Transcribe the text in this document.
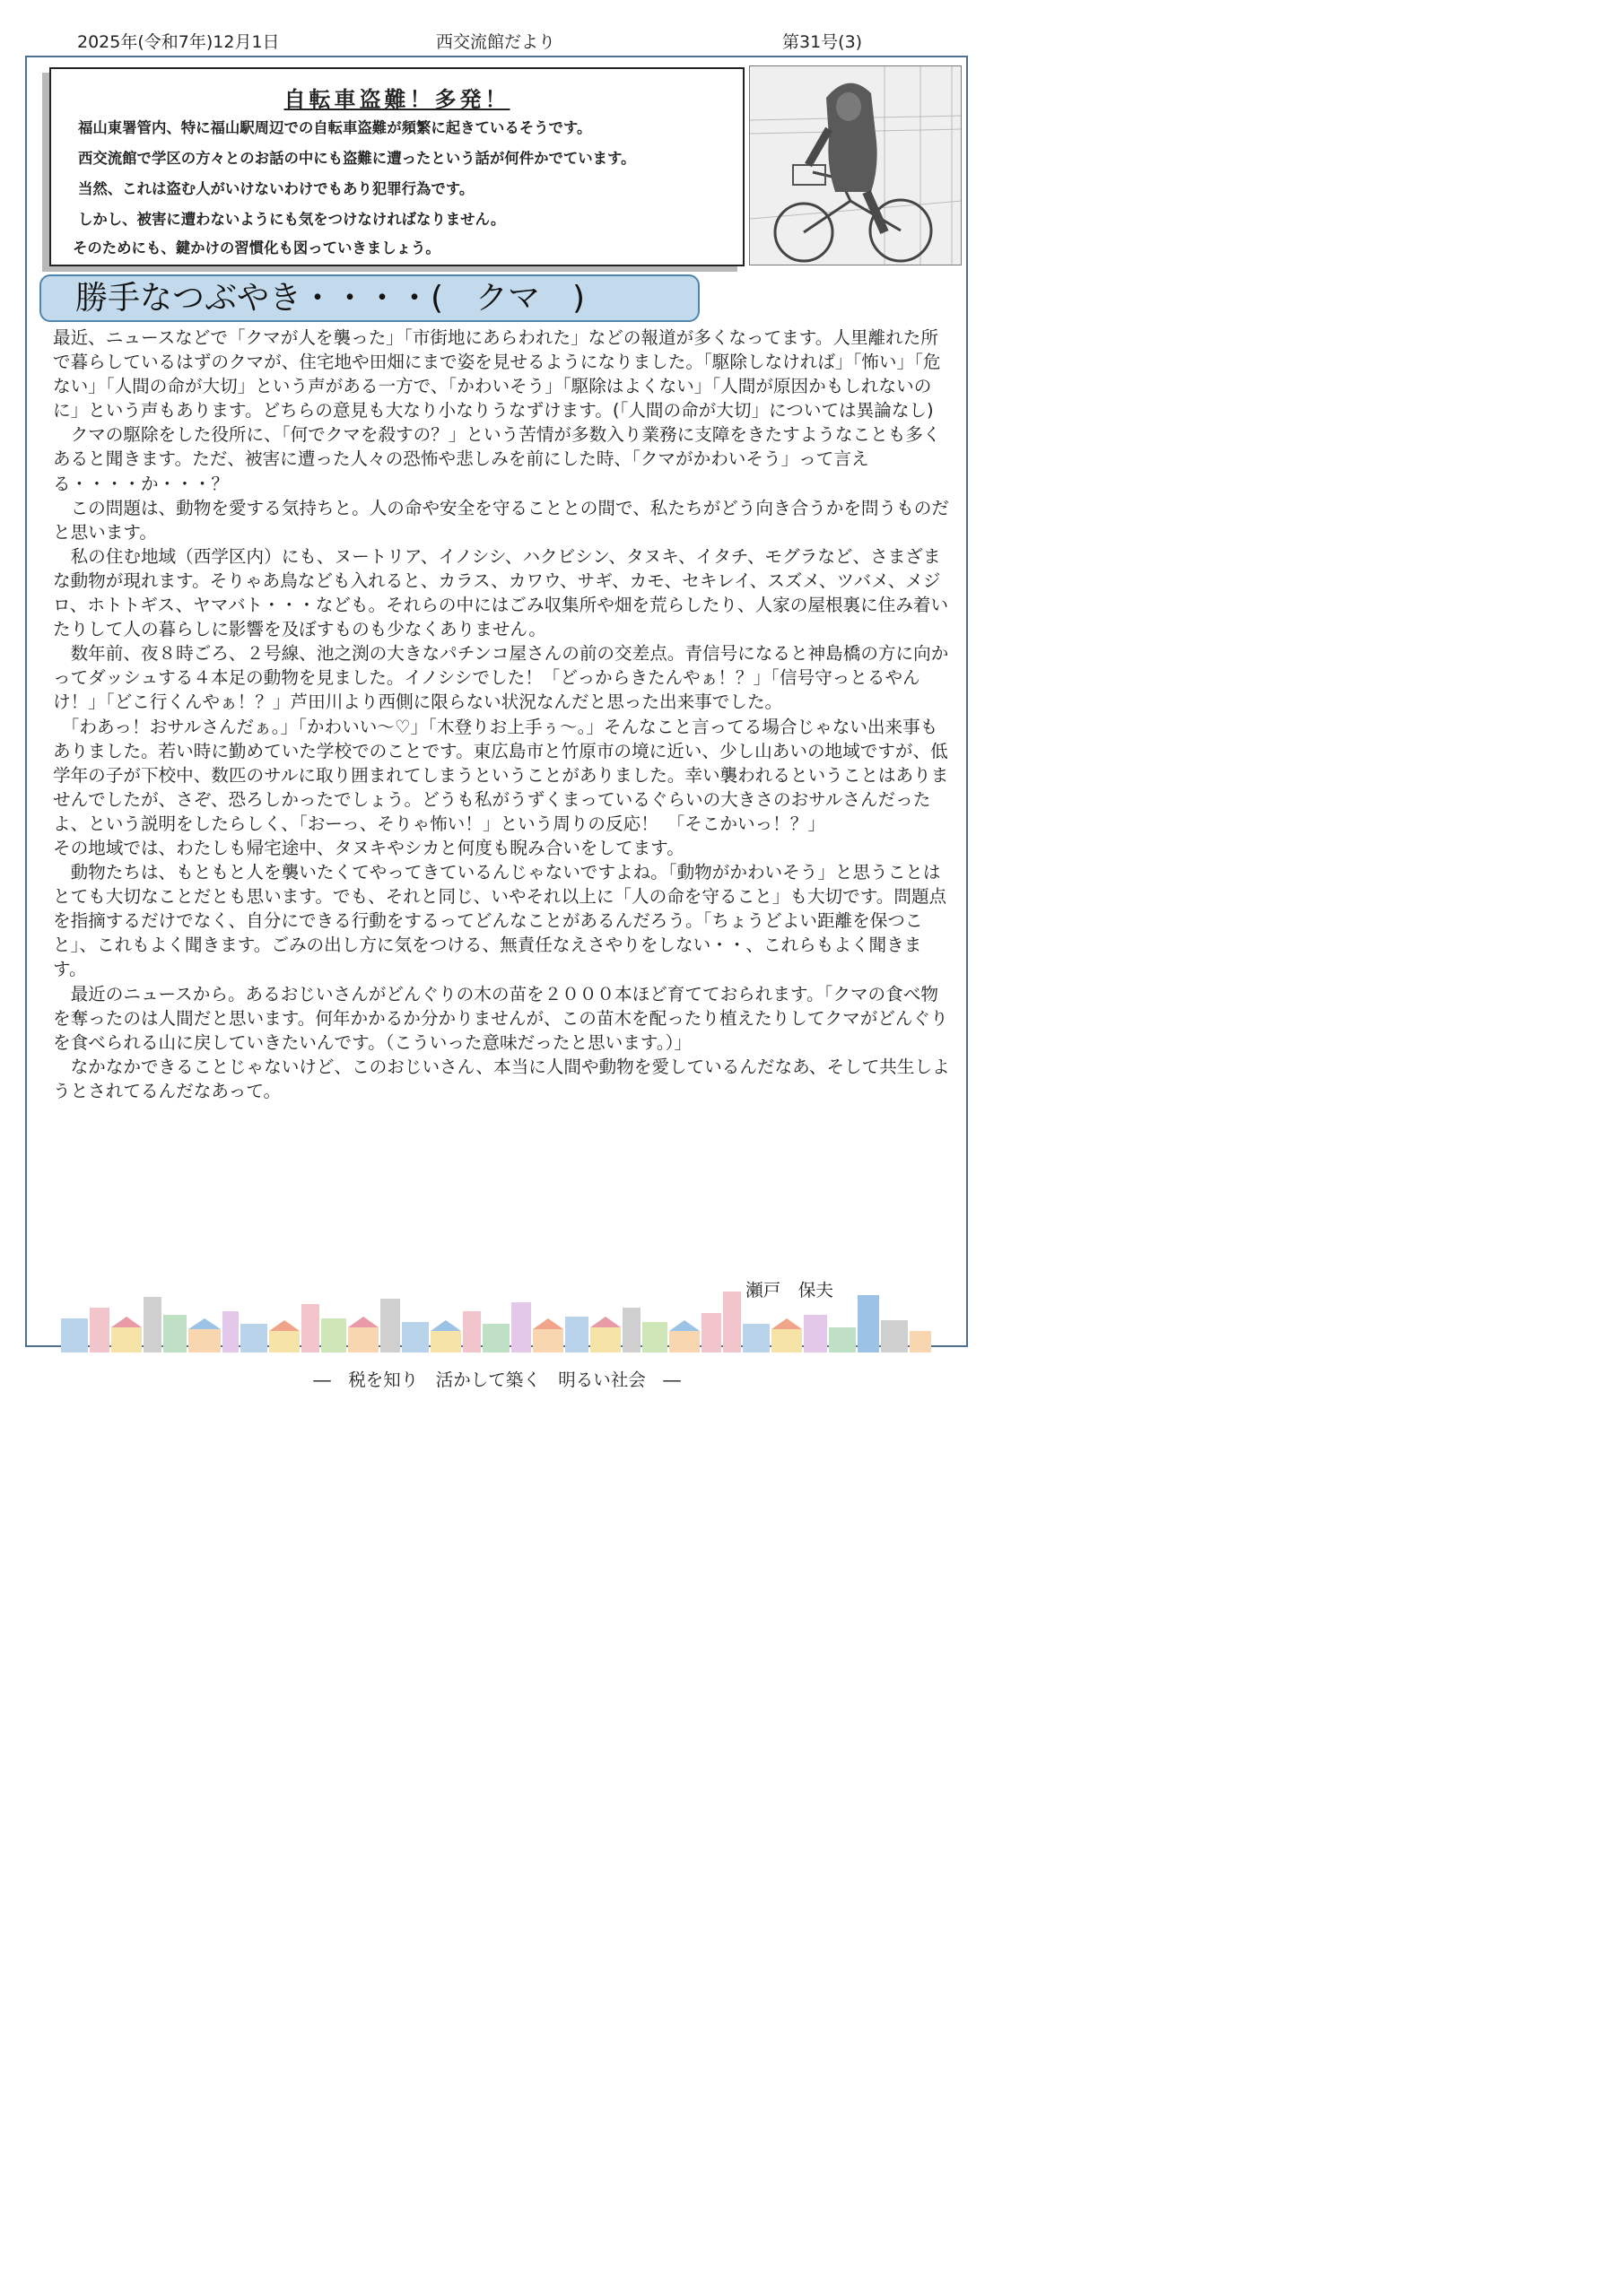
2025年(令和7年)12月1日	西交流館だより	第31号(3)
自転車盗難！多発！
福山東署管内、特に福山駅周辺での自転車盗難が頻繁に起きているそうです。
西交流館で学区の方々とのお話の中にも盗難に遭ったという話が何件かでています。
当然、これは盗む人がいけないわけでもあり犯罪行為です。
しかし、被害に遭わないようにも気をつけなければなりません。
そのためにも、鍵かけの習慣化も図っていきましょう。
勝手なつぶやき・・・・(　クマ　)

最近、ニュースなどで「クマが人を襲った」「市街地にあらわれた」などの報道が多くなってます。人里離れた所で暮らしているはずのクマが、住宅地や田畑にまで姿を見せるようになりました。「駆除しなければ」「怖い」「危ない」「人間の命が大切」という声がある一方で、「かわいそう」「駆除はよくない」「人間が原因かもしれないのに」という声もあります。どちらの意見も大なり小なりうなずけます。(「人間の命が大切」については異論なし)

　クマの駆除をした役所に、「何でクマを殺すの？」という苦情が多数入り業務に支障をきたすようなことも多くあると聞きます。ただ、被害に遭った人々の恐怖や悲しみを前にした時、「クマがかわいそう」って言える・・・・か・・・？

　この問題は、動物を愛する気持ちと。人の命や安全を守ることとの間で、私たちがどう向き合うかを問うものだと思います。

　私の住む地域（西学区内）にも、ヌートリア、イノシシ、ハクビシン、タヌキ、イタチ、モグラなど、さまざまな動物が現れます。そりゃあ鳥なども入れると、カラス、カワウ、サギ、カモ、セキレイ、スズメ、ツバメ、メジロ、ホトトギス、ヤマバト・・・なども。それらの中にはごみ収集所や畑を荒らしたり、人家の屋根裏に住み着いたりして人の暮らしに影響を及ぼすものも少なくありません。

　数年前、夜８時ごろ、２号線、池之渕の大きなパチンコ屋さんの前の交差点。青信号になると神島橋の方に向かってダッシュする４本足の動物を見ました。イノシシでした！「どっからきたんやぁ！？」「信号守っとるやんけ！」「どこ行くんやぁ！？」芦田川より西側に限らない状況なんだと思った出来事でした。

　「わあっ！おサルさんだぁ。」「かわいい～♡」「木登りお上手ぅ～。」そんなこと言ってる場合じゃない出来事もありました。若い時に勤めていた学校でのことです。東広島市と竹原市の境に近い、少し山あいの地域ですが、低学年の子が下校中、数匹のサルに取り囲まれてしまうということがありました。幸い襲われるということはありませんでしたが、さぞ、恐ろしかったでしょう。どうも私がうずくまっているぐらいの大きさのおサルさんだったよ、という説明をしたらしく、「おーっ、そりゃ怖い！」という周りの反応！　「そこかいっ！？」

その地域では、わたしも帰宅途中、タヌキやシカと何度も睨み合いをしてます。

　動物たちは、もともと人を襲いたくてやってきているんじゃないですよね。「動物がかわいそう」と思うことはとても大切なことだとも思います。でも、それと同じ、いやそれ以上に「人の命を守ること」も大切です。問題点を指摘するだけでなく、自分にできる行動をするってどんなことがあるんだろう。「ちょうどよい距離を保つこと」、これもよく聞きます。ごみの出し方に気をつける、無責任なえさやりをしない・・、これらもよく聞きます。

　最近のニュースから。あるおじいさんがどんぐりの木の苗を２０００本ほど育てておられます。「クマの食べ物を奪ったのは人間だと思います。何年かかるか分かりませんが、この苗木を配ったり植えたりしてクマがどんぐりを食べられる山に戻していきたいんです。（こういった意味だったと思います。）」

　なかなかできることじゃないけど、このおじいさん、本当に人間や動物を愛しているんだなあ、そして共生しようとされてるんだなあって。

瀬戸　保夫
―　税を知り　活かして築く　明るい社会　―
